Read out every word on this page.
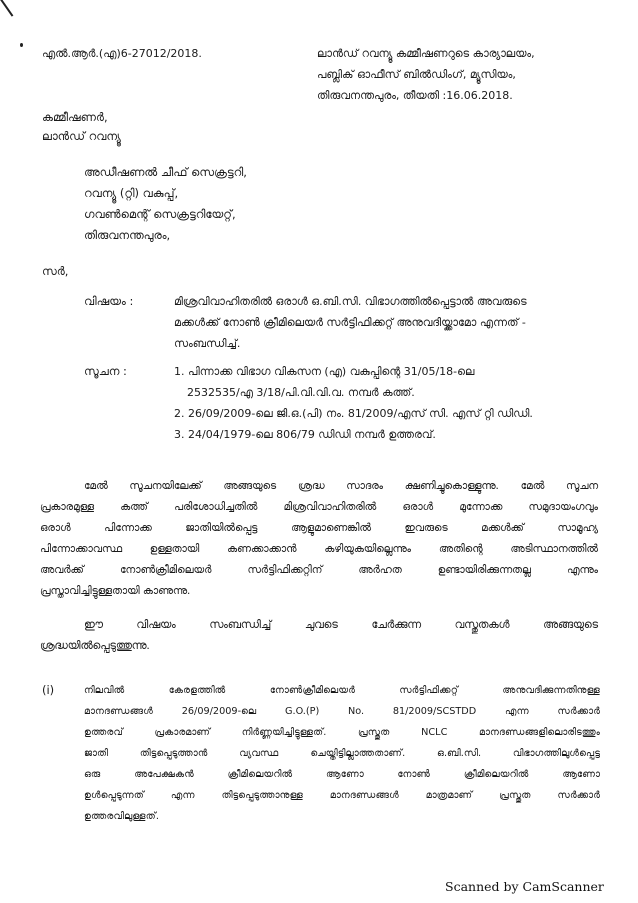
എൽ.ആർ.(എ)6-27012/2018.	ലാൻഡ് റവന്യൂ കമ്മീഷണറുടെ കാര്യാലയം,
പബ്ലിക് ഓഫീസ് ബിൽഡിംഗ്, മ്യൂസിയം,
തിരുവനന്തപുരം, തീയതി :16.06.2018.
കമ്മീഷണർ,
ലാൻഡ് റവന്യൂ
അഡീഷണൽ ചീഫ് സെക്രട്ടറി,
റവന്യൂ (റ്റി) വകുപ്പ്,
ഗവൺമെന്റ് സെക്രട്ടറിയേറ്റ്,
തിരുവനന്തപുരം,
സർ,
വിഷയം :	മിശ്രവിവാഹിതരിൽ ഒരാൾ ഒ.ബി.സി. വിഭാഗത്തിൽപ്പെട്ടാൽ അവരുടെ
മക്കൾക്ക് നോൺ ക്രീമിലെയർ സർട്ടിഫിക്കറ്റ് അനുവദിയ്ക്കാമോ എന്നത് -
സംബന്ധിച്ച്.
സൂചന :	1. പിന്നാക്ക വിഭാഗ വികസന (എ) വകുപ്പിന്റെ 31/05/18-ലെ
2532535/എ 3/18/പി.വി.വി.വ. നമ്പർ കത്ത്.
2. 26/09/2009-ലെ ജി.ഒ.(പി) നം. 81/2009/എസ് സി. എസ് റ്റി ഡിഡി.
3. 24/04/1979-ലെ 806/79 ഡിഡി നമ്പർ ഉത്തരവ്.
മേൽ സൂചനയിലേക്ക് അങ്ങയുടെ ശ്രദ്ധ സാദരം ക്ഷണിച്ചുകൊള്ളുന്നു. മേൽ സൂചന
പ്രകാരമുള്ള കത്ത് പരിശോധിച്ചതിൽ മിശ്രവിവാഹിതരിൽ ഒരാൾ മുന്നോക്ക സമുദായംഗവും
ഒരാൾ പിന്നോക്ക ജാതിയിൽപ്പെട്ട ആളുമാണെങ്കിൽ ഇവരുടെ മക്കൾക്ക് സാമൂഹ്യ
പിന്നോക്കാവസ്ഥ ഉള്ളതായി കണക്കാക്കാൻ കഴിയുകയില്ലെന്നും അതിന്റെ അടിസ്ഥാനത്തിൽ
അവർക്ക് നോൺക്രീമിലെയർ സർട്ടിഫിക്കറ്റിന് അർഹത ഉണ്ടായിരിക്കുന്നതല്ല എന്നും
പ്രസ്താവിച്ചിട്ടുള്ളതായി കാണുന്നു.
ഈ വിഷയം സംബന്ധിച്ച് ചുവടെ ചേർക്കുന്ന വസ്തുതകൾ അങ്ങയുടെ
ശ്രദ്ധയിൽപ്പെടുത്തുന്നു.
(i)	നിലവിൽ കേരളത്തിൽ നോൺക്രീമിലെയർ സർട്ടിഫിക്കറ്റ് അനുവദിക്കുന്നതിനുള്ള
മാനദണ്ഡങ്ങൾ 26/09/2009-ലെ G.O.(P) No. 81/2009/SCSTDD എന്ന സർക്കാർ
ഉത്തരവ് പ്രകാരമാണ് നിർണ്ണയിച്ചിട്ടുള്ളത്. പ്രസ്തുത NCLC മാനദണ്ഡങ്ങളിലൊരിടത്തും
ജാതി തിട്ടപ്പെടുത്താൻ വ്യവസ്ഥ ചെയ്തിട്ടില്ലാത്തതാണ്. ഒ.ബി.സി. വിഭാഗത്തിലുൾപ്പെട്ട
ഒരു അപേക്ഷകൻ ക്രീമിലെയറിൽ ആണോ നോൺ ക്രീമിലെയറിൽ ആണോ
ഉൾപ്പെടുന്നത് എന്ന തിട്ടപ്പെടുത്താനുള്ള മാനദണ്ഡങ്ങൾ മാത്രമാണ് പ്രസ്തുത സർക്കാർ
ഉത്തരവിലുള്ളത്.
Scanned by CamScanner
